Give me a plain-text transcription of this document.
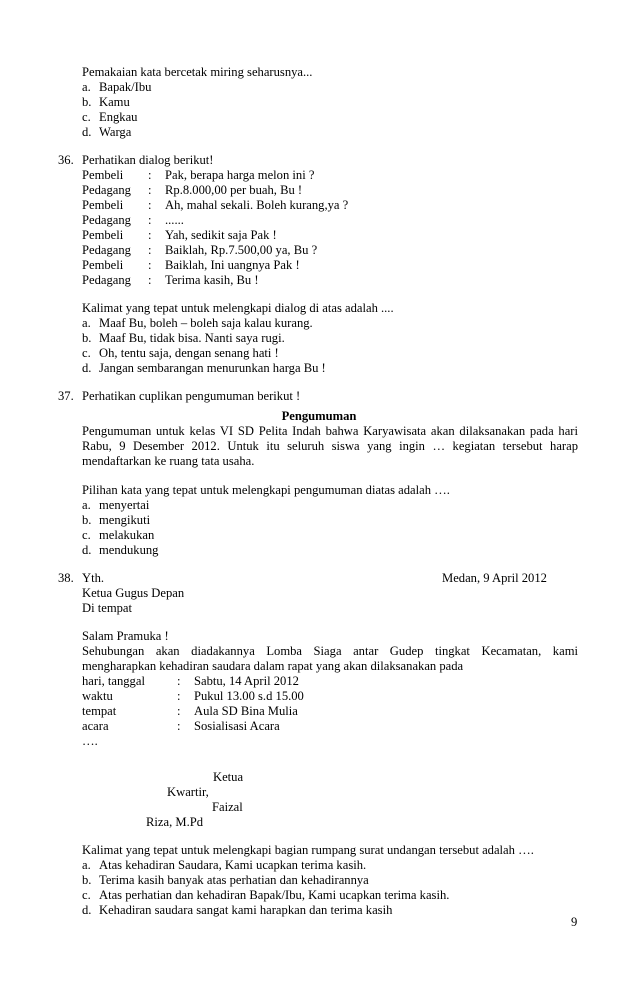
Pemakaian kata bercetak miring seharusnya...
a. Bapak/Ibu
b. Kamu
c. Engkau
d. Warga
36. Perhatikan dialog berikut!
Pembeli : Pak, berapa harga melon ini ?
Pedagang : Rp.8.000,00 per buah, Bu !
Pembeli : Ah, mahal sekali. Boleh kurang,ya ?
Pedagang : ......
Pembeli : Yah, sedikit saja Pak !
Pedagang : Baiklah, Rp.7.500,00 ya, Bu ?
Pembeli : Baiklah, Ini uangnya Pak !
Pedagang : Terima kasih, Bu !
Kalimat yang tepat untuk melengkapi dialog di atas adalah ....
a. Maaf Bu, boleh – boleh saja kalau kurang.
b. Maaf Bu, tidak bisa. Nanti saya rugi.
c. Oh, tentu saja, dengan senang hati !
d. Jangan sembarangan menurunkan harga Bu !
37. Perhatikan cuplikan pengumuman berikut !
Pengumuman
Pengumuman untuk kelas VI SD Pelita Indah bahwa Karyawisata akan dilaksanakan pada hari Rabu, 9 Desember 2012. Untuk itu seluruh siswa yang ingin … kegiatan tersebut harap mendaftarkan ke ruang tata usaha.
Pilihan kata yang tepat untuk melengkapi pengumuman diatas adalah ….
a. menyertai
b. mengikuti
c. melakukan
d. mendukung
38. Yth.	Medan, 9 April 2012
Ketua Gugus Depan
Di tempat
Salam Pramuka !
Sehubungan akan diadakannya Lomba Siaga antar Gudep tingkat Kecamatan, kami mengharapkan kehadiran saudara dalam rapat yang akan dilaksanakan pada
hari, tanggal	: Sabtu, 14 April 2012
waktu	: Pukul 13.00 s.d 15.00
tempat	: Aula SD Bina Mulia
acara	: Sosialisasi Acara
….
Ketua
Kwartir,
Faizal
Riza, M.Pd
Kalimat yang tepat untuk melengkapi bagian rumpang surat undangan tersebut adalah ….
a. Atas kehadiran Saudara, Kami ucapkan terima kasih.
b. Terima kasih banyak atas perhatian dan kehadirannya
c. Atas perhatian dan kehadiran Bapak/Ibu, Kami ucapkan terima kasih.
d. Kehadiran saudara sangat kami harapkan dan terima kasih
9
